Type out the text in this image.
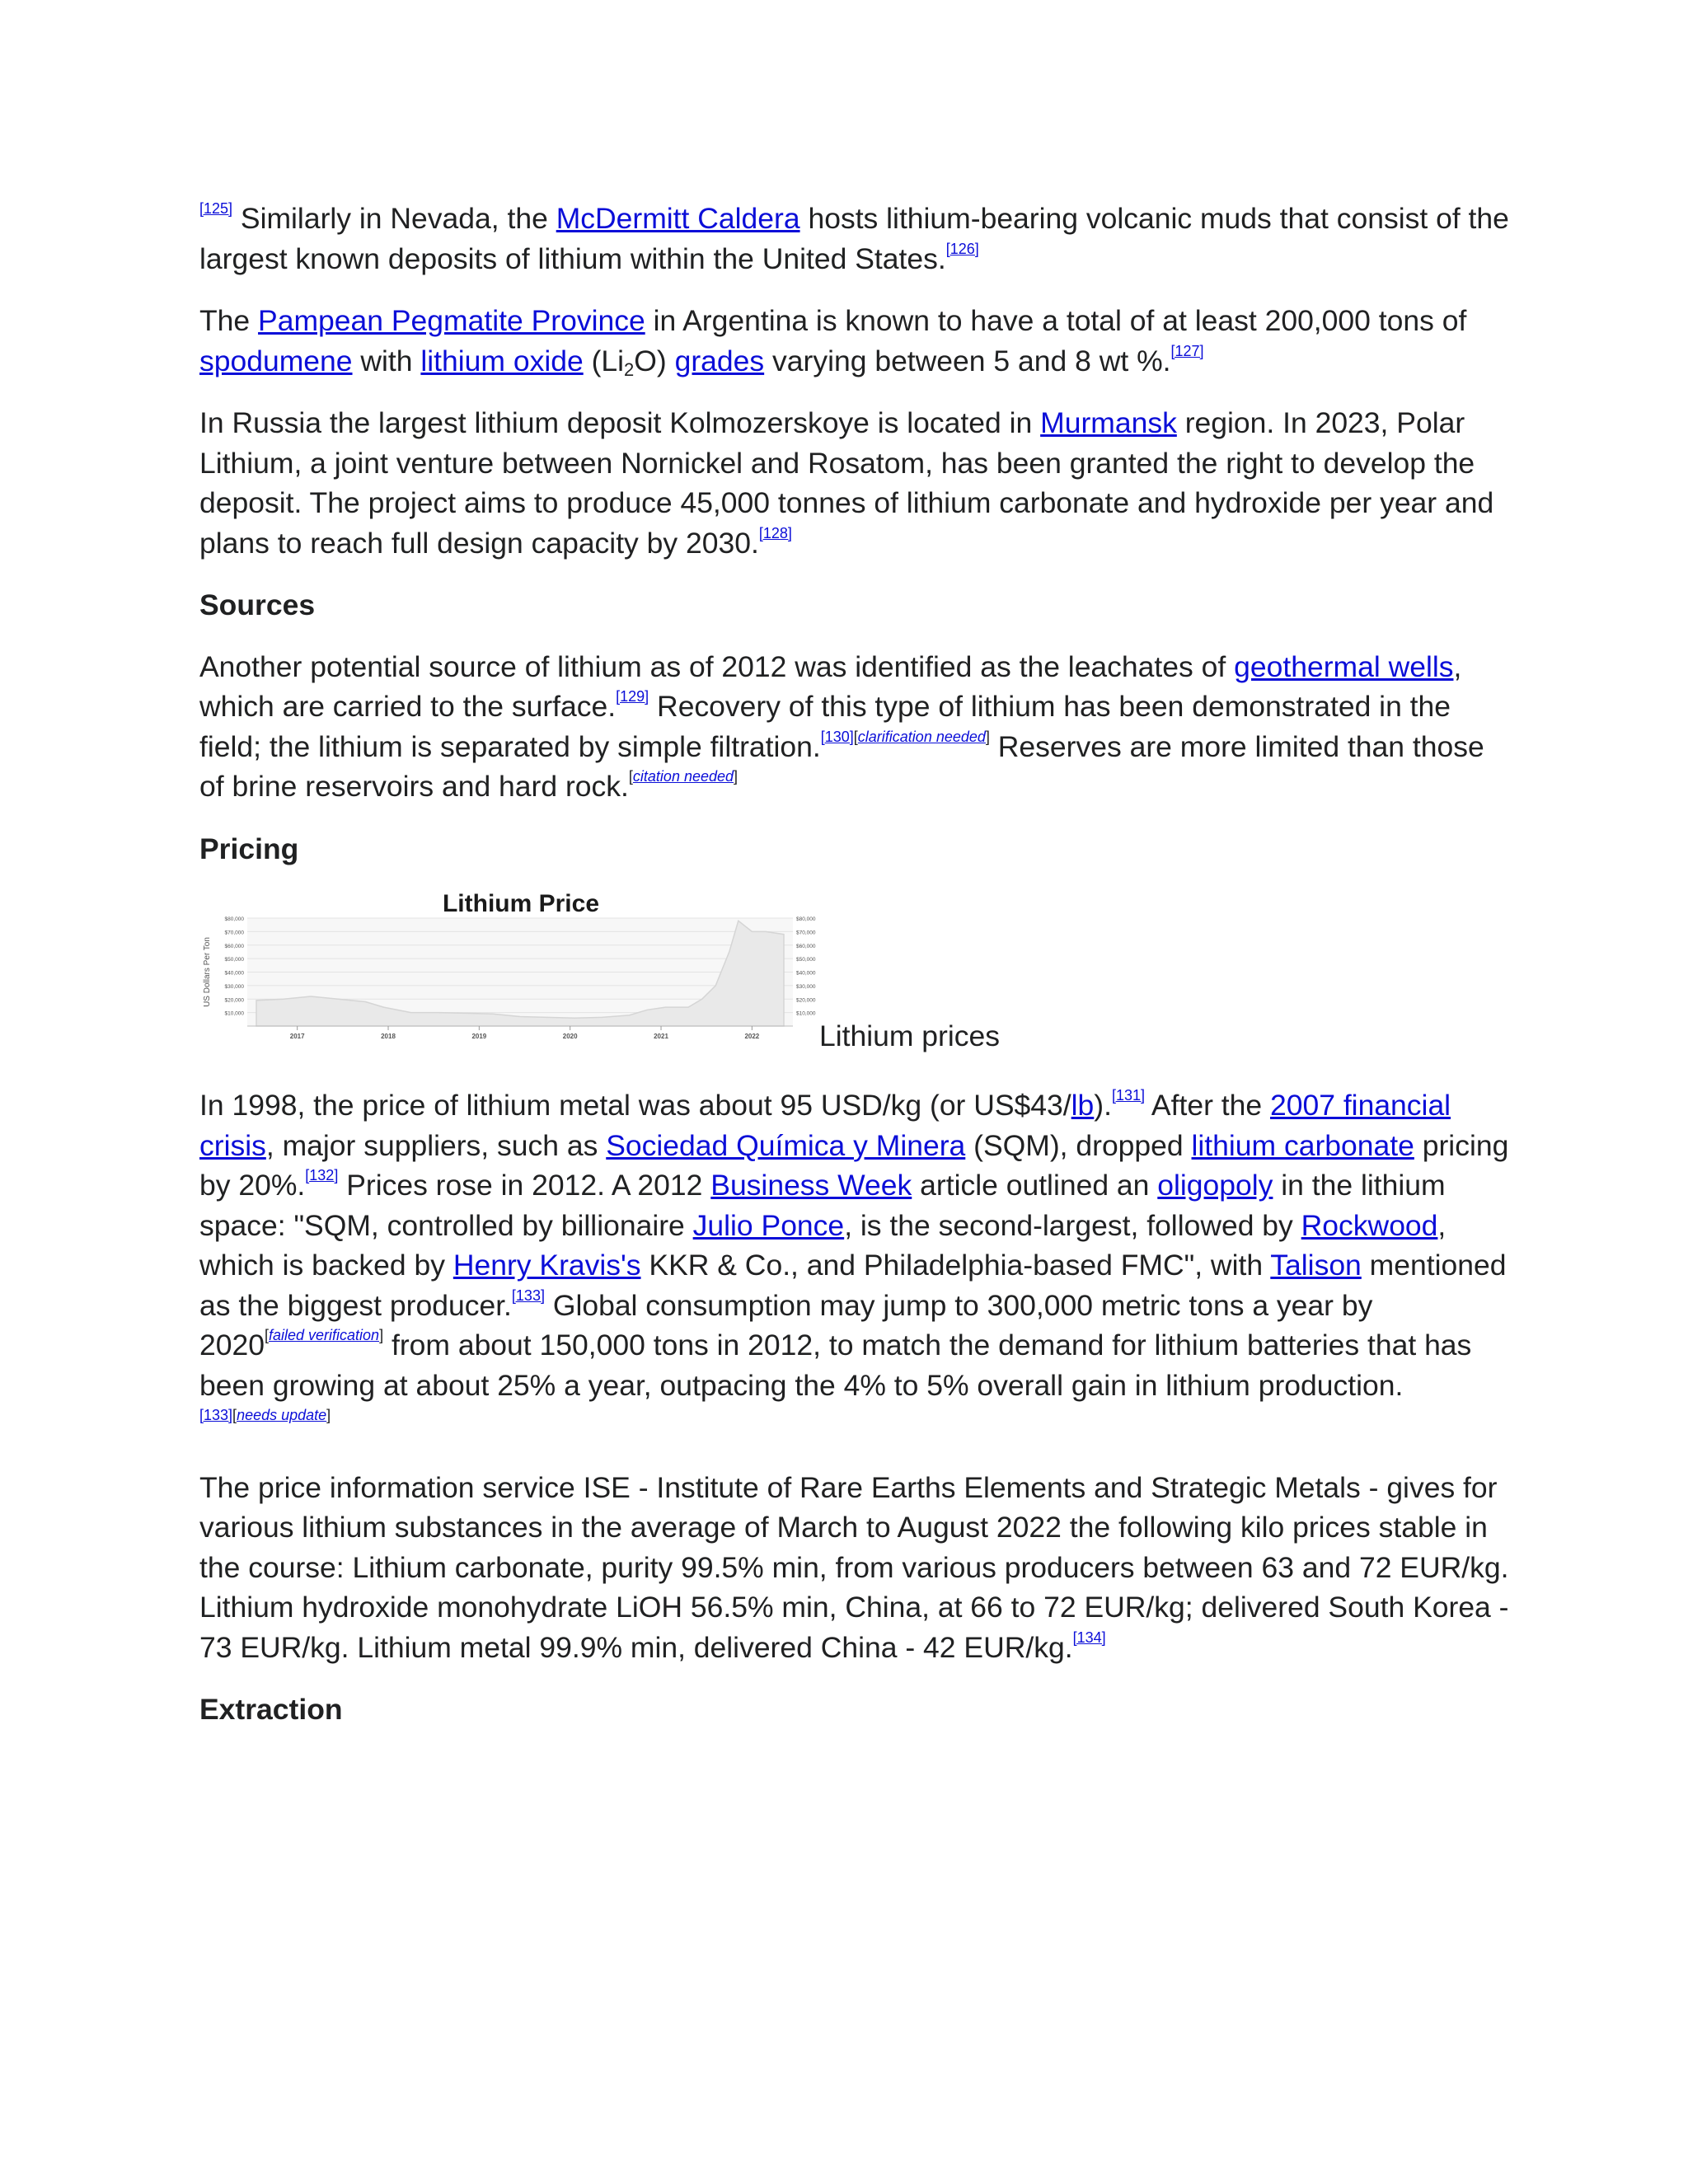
[125] Similarly in Nevada, the McDermitt Caldera hosts lithium-bearing volcanic muds that consist of the largest known deposits of lithium within the United States.[126]

The Pampean Pegmatite Province in Argentina is known to have a total of at least 200,000 tons of spodumene with lithium oxide $(Li_2O)$ grades varying between 5 and 8 wt %.[127]

In Russia the largest lithium deposit Kolmozerskoye is located in Murmansk region. In 2023, Polar Lithium, a joint venture between Nornickel and Rosatom, has been granted the right to develop the deposit. The project aims to produce 45,000 tonnes of lithium carbonate and hydroxide per year and plans to reach full design capacity by 2030.[128]

Sources

Another potential source of lithium as of 2012 was identified as the leachates of geothermal wells, which are carried to the surface.[129] Recovery of this type of lithium has been demonstrated in the field; the lithium is separated by simple filtration.[130][clarification needed] Reserves are more limited than those of brine reservoirs and hard rock.[citation needed]

Pricing
$10,000	$10,000
$20,000	$20,000
$30,000	$30,000
$40,000	$40,000
$50,000	$50,000
$60,000	$60,000
$70,000	$70,000
$80,000	$80,000
2017	2018	2019	2020	2021	2022
Lithium Price
US Dollars Per Ton
Lithium prices

In 1998, the price of lithium metal was about 95 USD/kg (or US$43/lb).[131] After the 2007 financial crisis, major suppliers, such as Sociedad Química y Minera (SQM), dropped lithium carbonate pricing by 20%.[132] Prices rose in 2012. A 2012 Business Week article outlined an oligopoly in the lithium space: "SQM, controlled by billionaire Julio Ponce, is the second-largest, followed by Rockwood, which is backed by Henry Kravis's KKR & Co., and Philadelphia-based FMC", with Talison mentioned as the biggest producer.[133] Global consumption may jump to 300,000 metric tons a year by 2020[failed verification] from about 150,000 tons in 2012, to match the demand for lithium batteries that has been growing at about 25% a year, outpacing the 4% to 5% overall gain in lithium production.[133][needs update]

The price information service ISE - Institute of Rare Earths Elements and Strategic Metals - gives for various lithium substances in the average of March to August 2022 the following kilo prices stable in the course: Lithium carbonate, purity 99.5% min, from various producers between 63 and 72 EUR/kg. Lithium hydroxide monohydrate LiOH 56.5% min, China, at 66 to 72 EUR/kg; delivered South Korea - 73 EUR/kg. Lithium metal 99.9% min, delivered China - 42 EUR/kg.[134]

Extraction
